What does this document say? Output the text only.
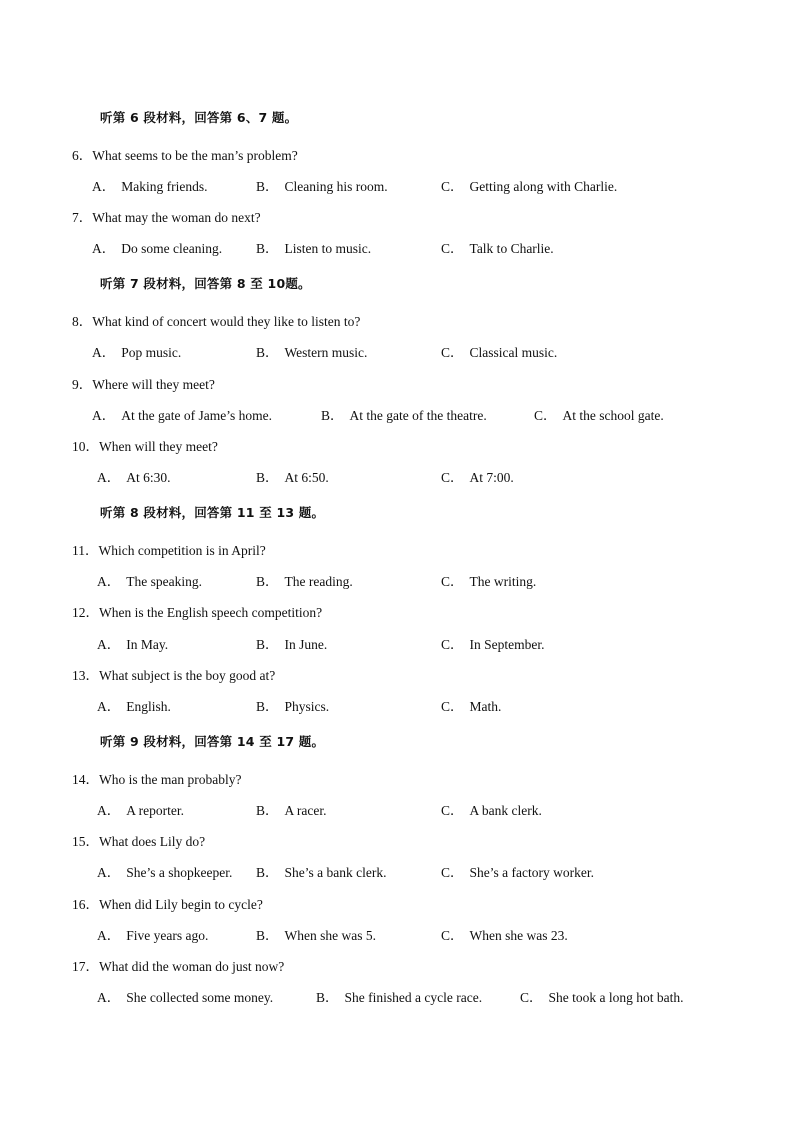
听第 6 段材料，回答第 6、7 题。
6．What seems to be the man’s problem?
A． Making friends.	B． Cleaning his room.	C． Getting along with Charlie.
7．What may the woman do next?
A． Do some cleaning.	B． Listen to music.	C． Talk to Charlie.
听第 7 段材料，回答第 8 至 10题。
8．What kind of concert would they like to listen to?
A． Pop music.	B． Western music.	C． Classical music.
9．Where will they meet?
A． At the gate of Jame’s home.	B． At the gate of the theatre.	C． At the school gate.
10．When will they meet?
A． At 6:30.	B． At 6:50.	C． At 7:00.
听第 8 段材料，回答第 11 至 13 题。
11．Which competition is in April?
A． The speaking.	B． The reading.	C． The writing.
12．When is the English speech competition?
A． In May.	B． In June.	C． In September.
13．What subject is the boy good at?
A． English.	B． Physics.	C． Math.
听第 9 段材料，回答第 14 至 17 题。
14．Who is the man probably?
A． A reporter.	B． A racer.	C． A bank clerk.
15．What does Lily do?
A． She’s a shopkeeper. B． She’s a bank clerk.	C． She’s a factory worker.
16．When did Lily begin to cycle?
A． Five years ago.	B． When she was 5.	C． When she was 23.
17．What did the woman do just now?
A． She collected some money.	B． She finished a cycle race.	C． She took a long hot bath.
